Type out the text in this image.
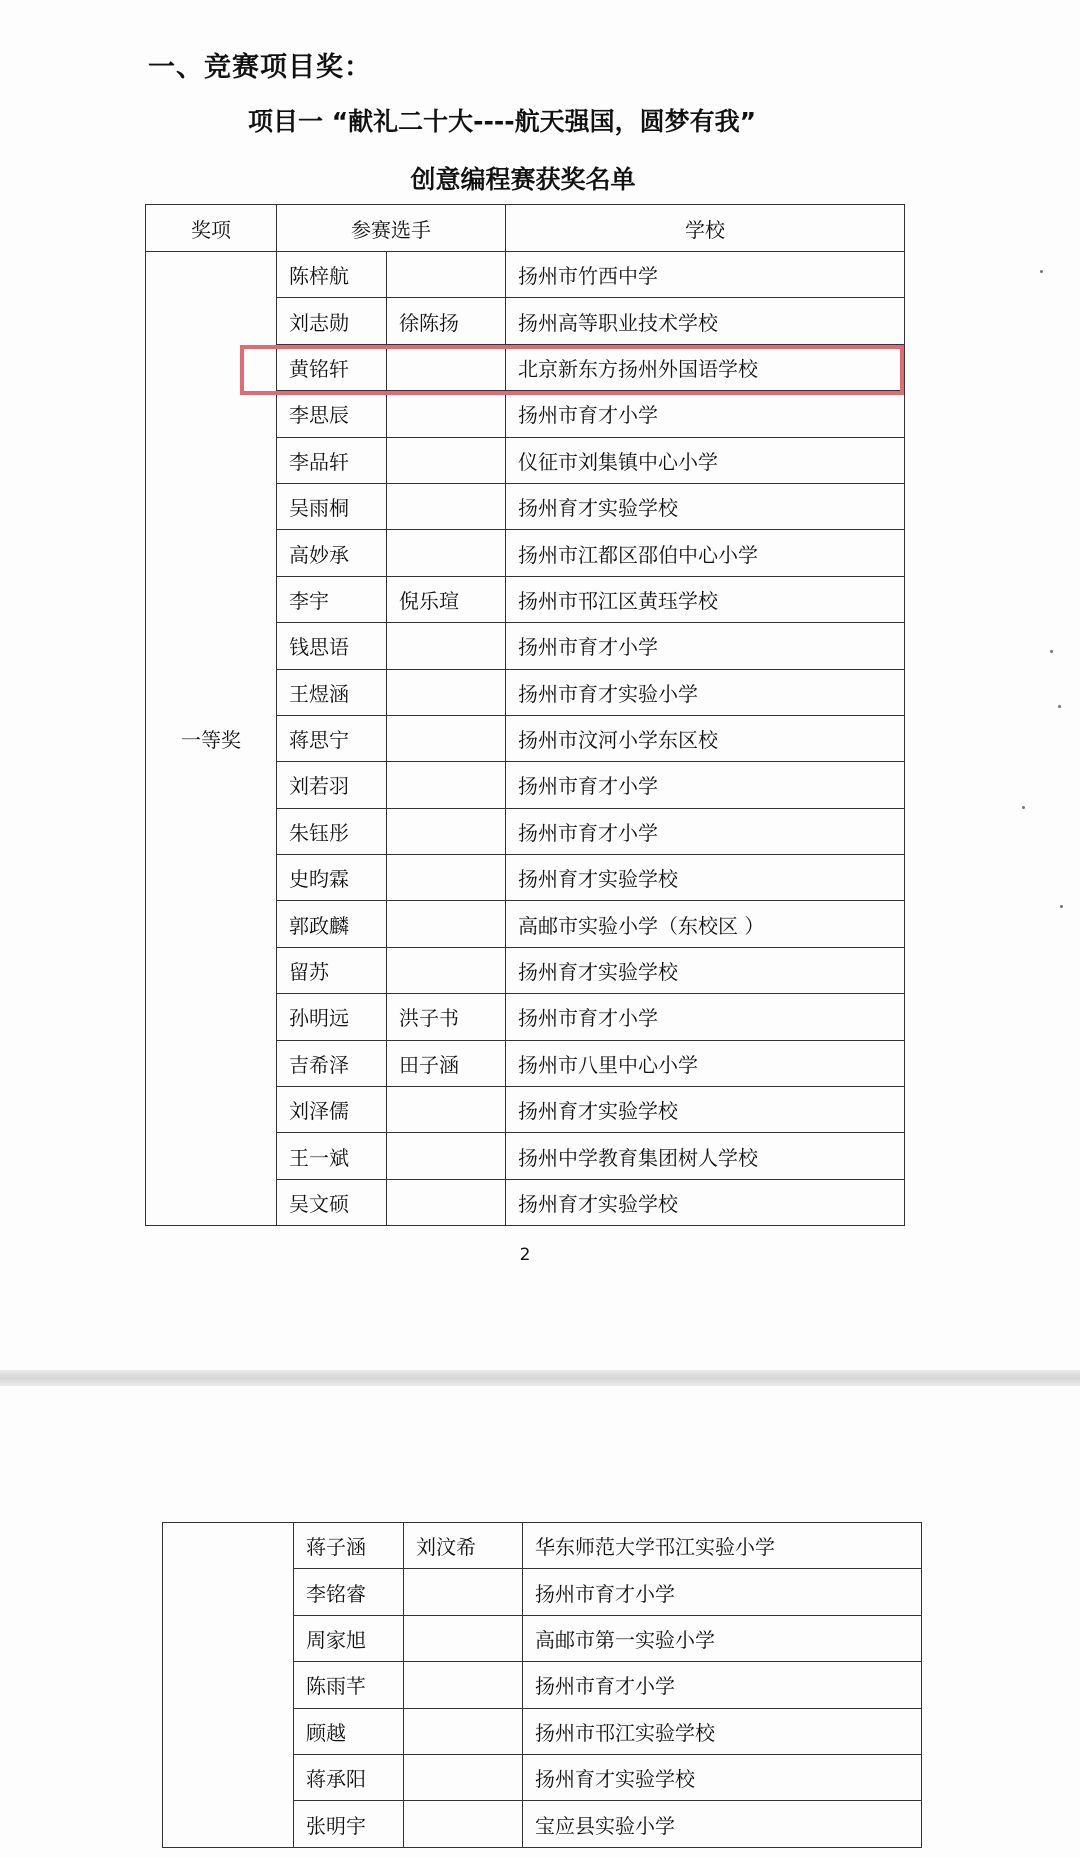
一、竞赛项目奖：
项目一 “献礼二十大----航天强国，圆梦有我”
创意编程赛获奖名单
奖项	参赛选手		学校
一等奖	陈梓航		扬州市竹西中学
	刘志勋	徐陈扬	扬州高等职业技术学校
	黄铭轩		北京新东方扬州外国语学校
	李思辰		扬州市育才小学
	李品轩		仪征市刘集镇中心小学
	吴雨桐		扬州育才实验学校
	高妙承		扬州市江都区邵伯中心小学
	李宇	倪乐瑄	扬州市邗江区黄珏学校
	钱思语		扬州市育才小学
	王煜涵		扬州市育才实验小学
	蒋思宁		扬州市汶河小学东区校
	刘若羽		扬州市育才小学
	朱钰彤		扬州市育才小学
	史昀霖		扬州育才实验学校
	郭政麟		高邮市实验小学（东校区 ）
	留苏		扬州育才实验学校
	孙明远	洪子书	扬州市育才小学
	吉希泽	田子涵	扬州市八里中心小学
	刘泽儒		扬州育才实验学校
	王一斌		扬州中学教育集团树人学校
	吴文硕		扬州育才实验学校
2
	蒋子涵	刘汶希	华东师范大学邗江实验小学
	李铭睿		扬州市育才小学
	周家旭		高邮市第一实验小学
	陈雨芊		扬州市育才小学
	顾越		扬州市邗江实验学校
	蒋承阳		扬州育才实验学校
	张明宇		宝应县实验小学
